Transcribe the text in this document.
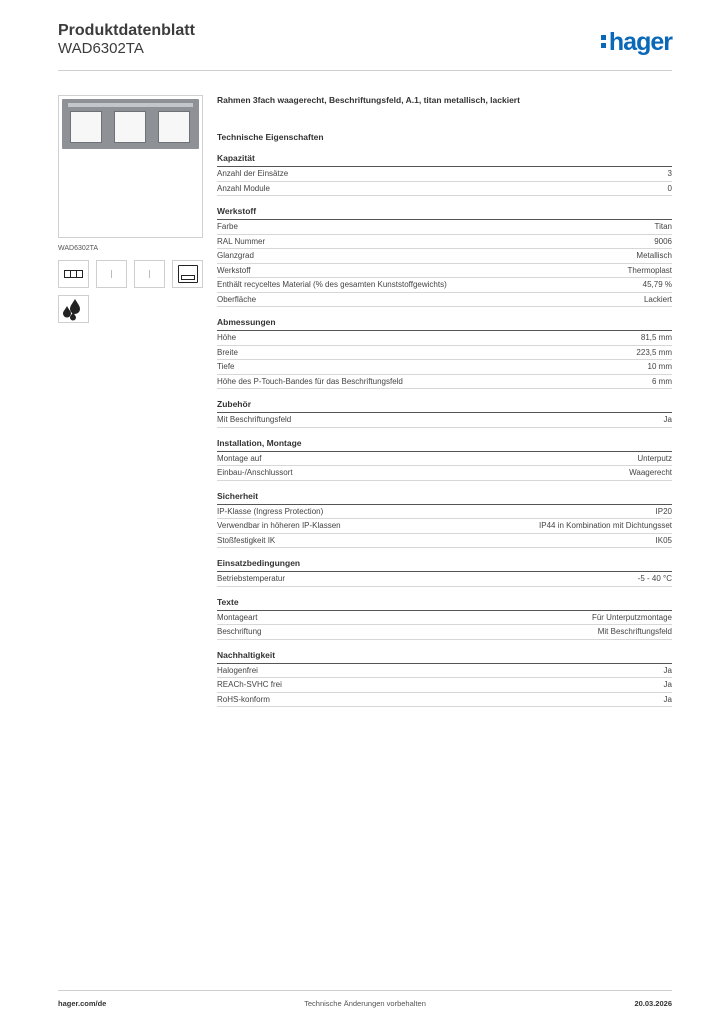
Produktdatenblatt
WAD6302TA	hager
WAD6302TA
Rahmen 3fach waagerecht, Beschriftungsfeld, A.1, titan metallisch, lackiert
Technische Eigenschaften
Kapazität
Anzahl der Einsätze	3
Anzahl Module	0
Werkstoff
Farbe	Titan
RAL Nummer	9006
Glanzgrad	Metallisch
Werkstoff	Thermoplast
Enthält recyceltes Material (% des gesamten Kunststoffgewichts)	45,79 %
Oberfläche	Lackiert
Abmessungen
Höhe	81,5 mm
Breite	223,5 mm
Tiefe	10 mm
Höhe des P-Touch-Bandes für das Beschriftungsfeld	6 mm
Zubehör
Mit Beschriftungsfeld	Ja
Installation, Montage
Montage auf	Unterputz
Einbau-/Anschlussort	Waagerecht
Sicherheit
IP-Klasse (Ingress Protection)	IP20
Verwendbar in höheren IP-Klassen	IP44 in Kombination mit Dichtungsset
Stoßfestigkeit IK	IK05
Einsatzbedingungen
Betriebstemperatur	-5 - 40 °C
Texte
Montageart	Für Unterputzmontage
Beschriftung	Mit Beschriftungsfeld
Nachhaltigkeit
Halogenfrei	Ja
REACh-SVHC frei	Ja
RoHS-konform	Ja
hager.com/de	Technische Änderungen vorbehalten	20.03.2026
